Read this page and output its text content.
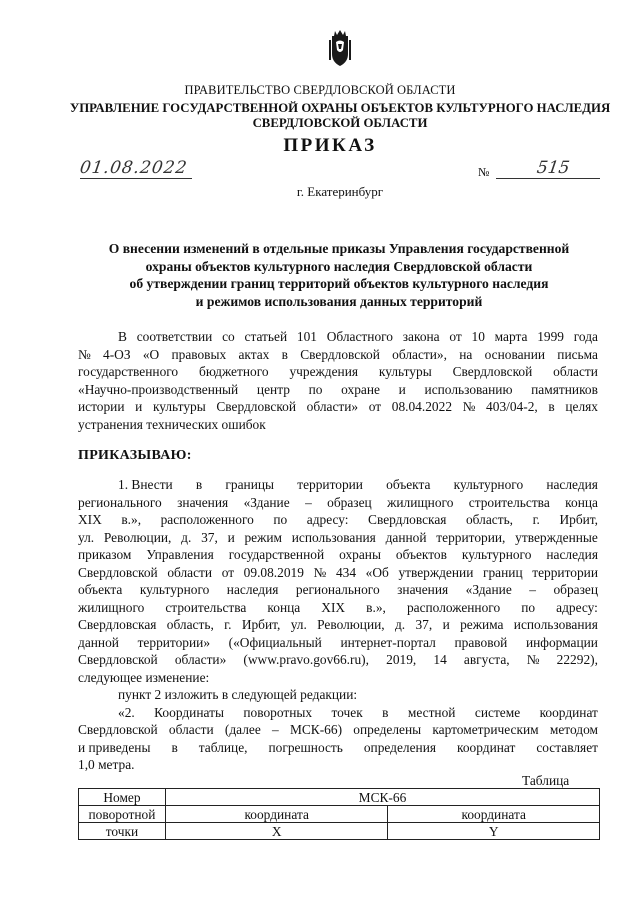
ПРАВИТЕЛЬСТВО СВЕРДЛОВСКОЙ ОБЛАСТИ
УПРАВЛЕНИЕ ГОСУДАРСТВЕННОЙ ОХРАНЫ ОБЪЕКТОВ КУЛЬТУРНОГО НАСЛЕДИЯ
СВЕРДЛОВСКОЙ ОБЛАСТИ
ПРИКАЗ
01.08.2022	№	515
г. Екатеринбург
О внесении изменений в отдельные приказы Управления государственной
охраны объектов культурного наследия Свердловской области
об утверждении границ территорий объектов культурного наследия
и режимов использования данных территорий
В соответствии со статьей 101 Областного закона от 10 марта 1999 года
№ 4-ОЗ «О правовых актах в Свердловской области», на основании письма
государственного бюджетного учреждения культуры Свердловской области
«Научно-производственный центр по охране и использованию памятников
истории и культуры Свердловской области» от 08.04.2022 № 403/04-2, в целях
устранения технических ошибок
ПРИКАЗЫВАЮ:
1. Внести в границы территории объекта культурного наследия
регионального значения «Здание – образец жилищного строительства конца
XIX в.», расположенного по адресу: Свердловская область, г. Ирбит,
ул. Революции, д. 37, и режим использования данной территории, утвержденные
приказом Управления государственной охраны объектов культурного наследия
Свердловской области от 09.08.2019 № 434 «Об утверждении границ территории
объекта культурного наследия регионального значения «Здание – образец
жилищного строительства конца XIX в.», расположенного по адресу:
Свердловская область, г. Ирбит, ул. Революции, д. 37, и режима использования
данной территории» («Официальный интернет-портал правовой информации
Свердловской области» (www.pravo.gov66.ru), 2019, 14 августа, № 22292),
следующее изменение:
пункт 2 изложить в следующей редакции:
«2. Координаты поворотных точек в местной системе координат
Свердловской области (далее – МСК-66) определены картометрическим методом
и приведены в таблице, погрешность определения координат составляет
1,0 метра.
Таблица
Номер	МСК-66	
поворотной	координата	координата
точки	X	Y
